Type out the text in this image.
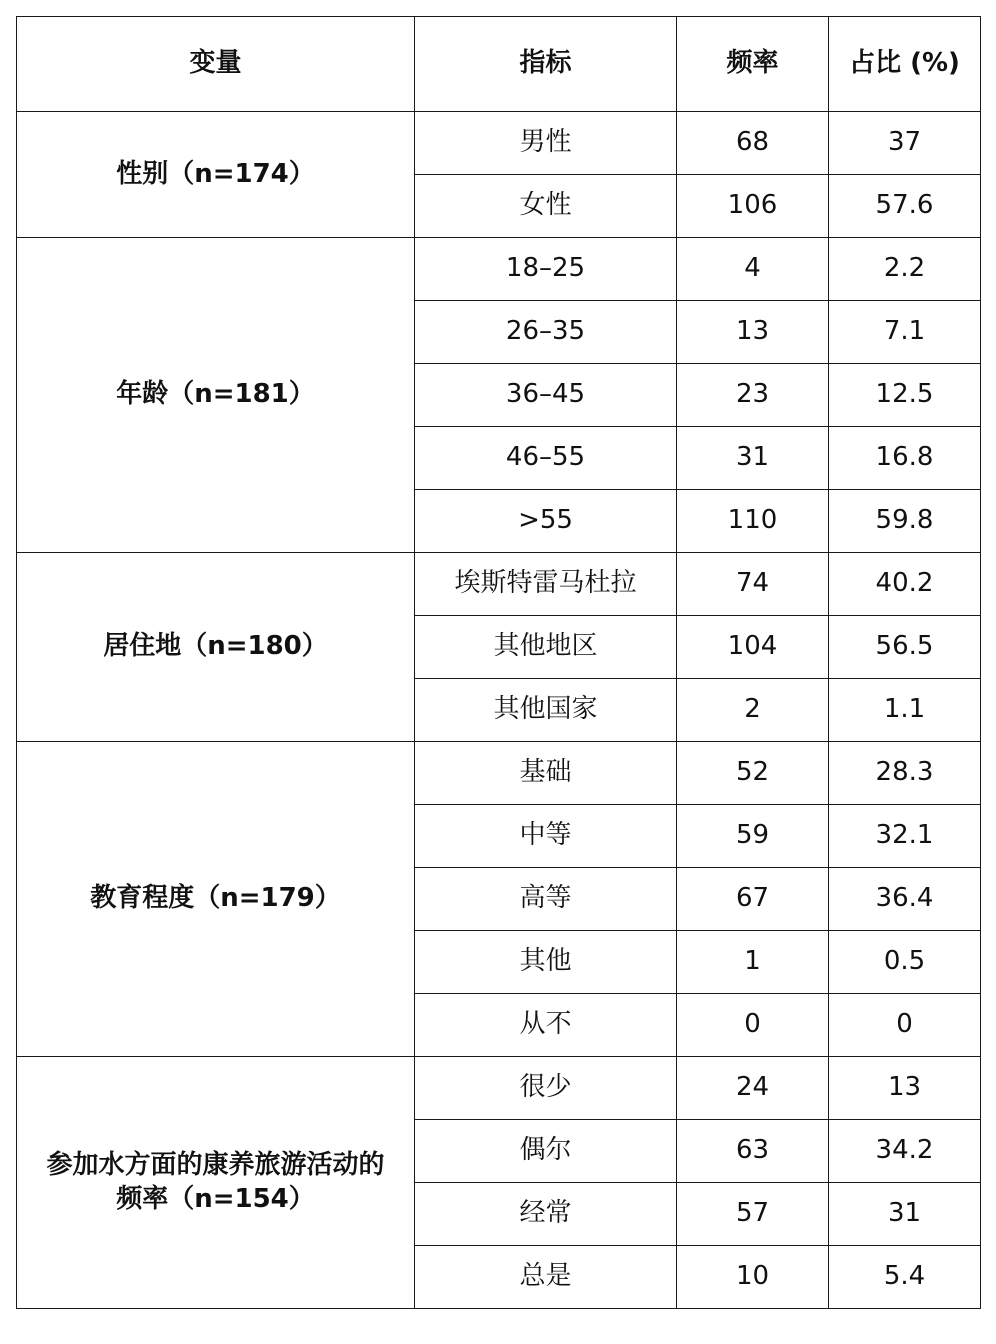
变量	指标	频率	占比 (%)
性别（n=174）	男性	68	37
	女性	106	57.6
年龄（n=181）	18–25	4	2.2
	26–35	13	7.1
	36–45	23	12.5
	46–55	31	16.8
	>55	110	59.8
居住地（n=180）	埃斯特雷马杜拉	74	40.2
	其他地区	104	56.5
	其他国家	2	1.1
教育程度（n=179）	基础	52	28.3
	中等	59	32.1
	高等	67	36.4
	其他	1	0.5
	从不	0	0
参加水方面的康养旅游活动的频率（n=154）	很少	24	13
	偶尔	63	34.2
	经常	57	31
	总是	10	5.4
